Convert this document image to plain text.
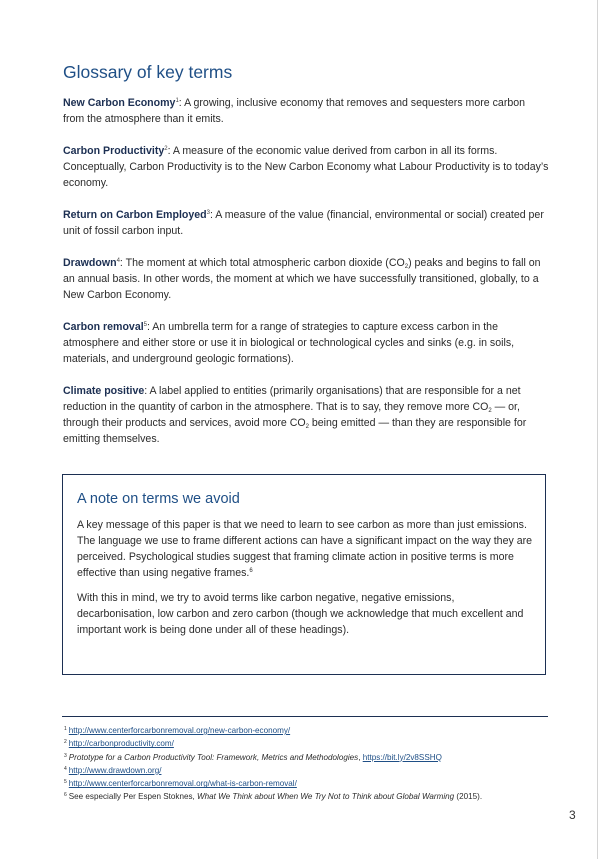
Glossary of key terms

New Carbon Economy$^1$: A growing, inclusive economy that removes and sequesters more carbon from the atmosphere than it emits.

Carbon Productivity$^2$: A measure of the economic value derived from carbon in all its forms. Conceptually, Carbon Productivity is to the New Carbon Economy what Labour Productivity is to today’s economy.

Return on Carbon Employed$^3$: A measure of the value (financial, environmental or social) created per unit of fossil carbon input.

Drawdown$^4$: The moment at which total atmospheric carbon dioxide $(CO_2)$ peaks and begins to fall on an annual basis. In other words, the moment at which we have successfully transitioned, globally, to a New Carbon Economy.

Carbon removal$^5$: An umbrella term for a range of strategies to capture excess carbon in the atmosphere and either store or use it in biological or technological cycles and sinks (e.g. in soils, materials, and underground geologic formations).

Climate positive: A label applied to entities (primarily organisations) that are responsible for a net reduction in the quantity of carbon in the atmosphere. That is to say, they remove more $CO_2$ — or, through their products and services, avoid more $CO_2$ being emitted — than they are responsible for emitting themselves.

A note on terms we avoid

A key message of this paper is that we need to learn to see carbon as more than just emissions. The language we use to frame different actions can have a significant impact on the way they are perceived. Psychological studies suggest that framing climate action in positive terms is more effective than using negative frames.$^6$

With this in mind, we try to avoid terms like carbon negative, negative emissions, decarbonisation, low carbon and zero carbon (though we acknowledge that much excellent and important work is being done under all of these headings).

$^1$ http://www.centerforcarbonremoval.org/new-carbon-economy/

$^2$ http://carbonproductivity.com/

$^3$ Prototype for a Carbon Productivity Tool: Framework, Metrics and Methodologies, https://bit.ly/2v8SSHQ

$^4$ http://www.drawdown.org/

$^5$ http://www.centerforcarbonremoval.org/what-is-carbon-removal/

$^6$ See especially Per Espen Stoknes, What We Think about When We Try Not to Think about Global Warming (2015).

3
